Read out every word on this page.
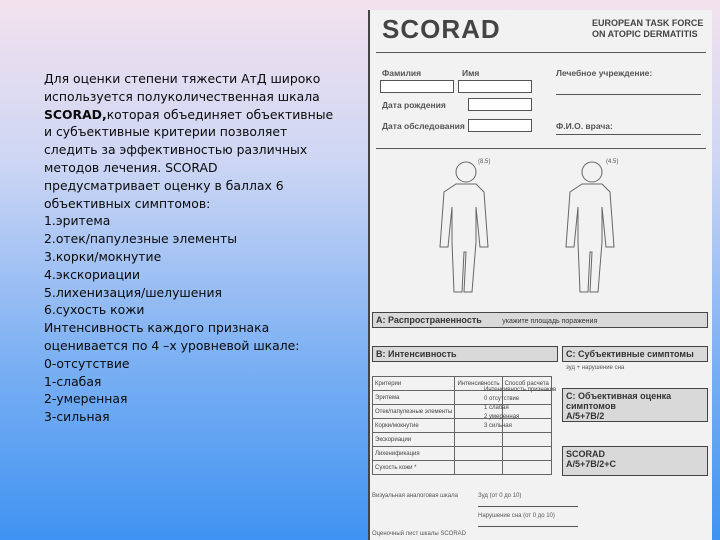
Для оценки степени тяжести АтД широко
используется полуколичественная шкала
SCORAD,которая объединяет объективные
и субъективные критерии позволяет
следить за эффективностью различных
методов лечения. SCORAD
предусматривает оценку в баллах 6
объективных симптомов:
1.эритема
2.отек/папулезные элементы
3.корки/мокнутие
4.экскориации
5.лихенизация/шелушения
6.сухость кожи
Интенсивность каждого признака
оценивается по 4 –х уровневой шкале:
0-отсутствие
1-слабая
2-умеренная
3-сильная
SCORAD	EUROPEAN TASK FORCE
ON ATOPIC DERMATITIS
Фамилия	Имя	Лечебное учреждение:
Дата рождения
Дата обследования	Ф.И.О. врача:
(8.5)	(4.5)
А: Распространенность	укажите площадь поражения
В: Интенсивность	С: Субъективные симптомы
зуд + нарушение сна
Критерии	Интенсивность	Способ расчета
Эритема		
Отек/папулезные элементы		
Корки/мокнутие		
Экскориации		
Лихенификация		
Сухость кожи *		
Интенсивность признаков
0 отсутствие
1 слабая
2 умеренная
3 сильная
С: Объективная оценка симптомов
А/5+7В/2
SCORAD
А/5+7В/2+С
Визуальная аналоговая шкала	Зуд (от 0 до 10)
Нарушение сна (от 0 до 10)
Оценочный лист шкалы SCORAD
